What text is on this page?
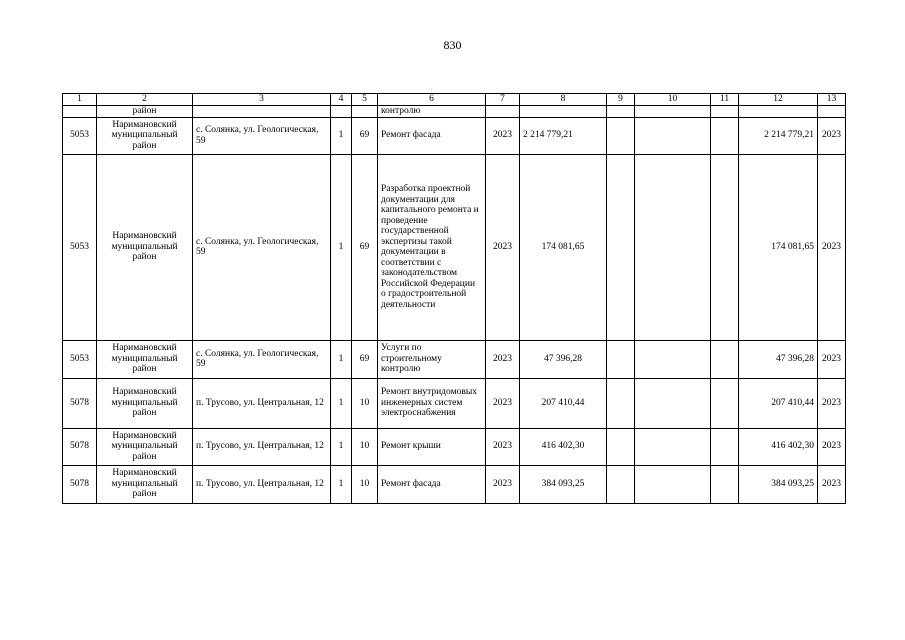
830
1	2	3	4	5	6	7	8	9	10	11	12	13
	район				контролю							
5053	Наримановский муниципальный район	с. Солянка, ул. Геологическая, 59	1	69	Ремонт фасада	2023	2 214 779,21				2 214 779,21	2023
5053	Наримановский муниципальный район	с. Солянка, ул. Геологическая, 59	1	69	Разработка проектной документации для капитального ремонта и проведение государственной экспертизы такой документации в соответствии с законодательством Российской Федерации о градостроительной деятельности	2023	174 081,65				174 081,65	2023
5053	Наримановский муниципальный район	с. Солянка, ул. Геологическая, 59	1	69	Услуги по строительному контролю	2023	47 396,28				47 396,28	2023
5078	Наримановский муниципальный район	п. Трусово, ул. Центральная, 12	1	10	Ремонт внутридомовых инженерных систем электроснабжения	2023	207 410,44				207 410,44	2023
5078	Наримановский муниципальный район	п. Трусово, ул. Центральная, 12	1	10	Ремонт крыши	2023	416 402,30				416 402,30	2023
5078	Наримановский муниципальный район	п. Трусово, ул. Центральная, 12	1	10	Ремонт фасада	2023	384 093,25				384 093,25	2023
